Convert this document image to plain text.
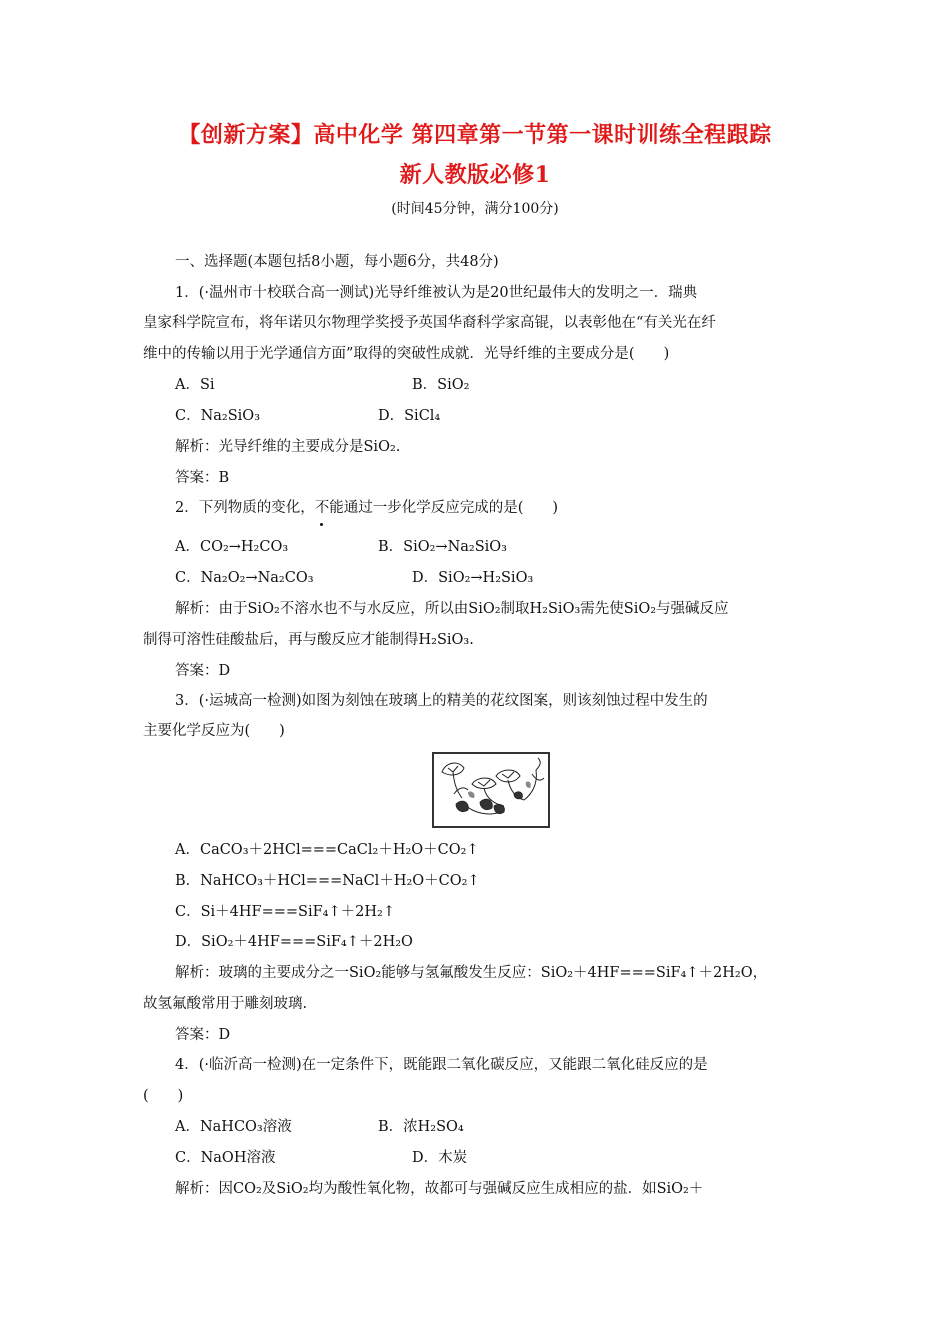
【创新方案】高中化学 第四章第一节第一课时训练全程跟踪
新人教版必修1
(时间45分钟，满分100分)
一、选择题(本题包括8小题，每小题6分，共48分)
1．(·温州市十校联合高一测试)光导纤维被认为是20世纪最伟大的发明之一．瑞典
皇家科学院宣布，将年诺贝尔物理学奖授予英国华裔科学家高锟，以表彰他在“有关光在纤
维中的传输以用于光学通信方面”取得的突破性成就．光导纤维的主要成分是(　　)
A．Si	B．SiO₂
C．Na₂SiO₃	D．SiCl₄
解析：光导纤维的主要成分是SiO₂.
答案：B
2．下列物质的变化，不能通过一步化学反应完成的是(　　)
A．CO₂→H₂CO₃	B．SiO₂→Na₂SiO₃
C．Na₂O₂→Na₂CO₃	D．SiO₂→H₂SiO₃
解析：由于SiO₂不溶水也不与水反应，所以由SiO₂制取H₂SiO₃需先使SiO₂与强碱反应
制得可溶性硅酸盐后，再与酸反应才能制得H₂SiO₃.
答案：D
3．(·运城高一检测)如图为刻蚀在玻璃上的精美的花纹图案，则该刻蚀过程中发生的
主要化学反应为(　　)
A．CaCO₃＋2HCl===CaCl₂＋H₂O＋CO₂↑
B．NaHCO₃＋HCl===NaCl＋H₂O＋CO₂↑
C．Si＋4HF===SiF₄↑＋2H₂↑
D．SiO₂＋4HF===SiF₄↑＋2H₂O
解析：玻璃的主要成分之一SiO₂能够与氢氟酸发生反应：SiO₂＋4HF===SiF₄↑＋2H₂O，
故氢氟酸常用于雕刻玻璃.
答案：D
4．(·临沂高一检测)在一定条件下，既能跟二氧化碳反应，又能跟二氧化硅反应的是
(　　)
A．NaHCO₃溶液	B．浓H₂SO₄
C．NaOH溶液	D．木炭
解析：因CO₂及SiO₂均为酸性氧化物，故都可与强碱反应生成相应的盐．如SiO₂＋
